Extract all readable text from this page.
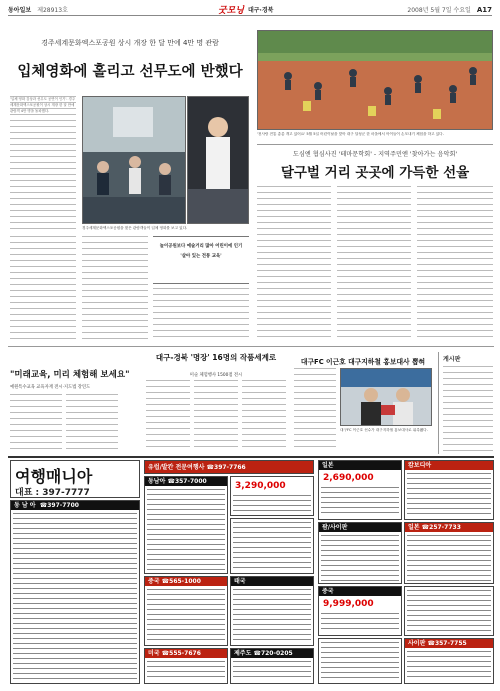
동아일보 제28913호	굿모닝 대구·경북	2008년 5월 7일 수요일 A17
경주세계문화엑스포공원 상시 개장 한 달 만에 4만 명 관람
입체영화에 홀리고 선무도에 반했다
'입체 영화 감상과 선무도 공연이 인기'. 경주세계문화엑스포공원이 상시 개장 한 달 만에 관람객 4만 명을 돌파했다.
경주세계문화엑스포공원을 찾은 관람객들이 입체 영화를 보고 있다.
놀이공원보다 예술거리 많아 어린이에 인기
'살아 있는 전통 교육'
'천사랑 전통 총총 개고 있어요' 5월 5일 어린이날을 맞아 대구 달성군 한 마을에서 아이들이 손모내기 체험을 하고 있다.
도심엔 협심사진 '테마문학회' - 지역주민엔 '찾아가는 음악회'
달구벌 거리 곳곳에 가득한 선율
"미래교육, 미리 체험해 보세요"
예원특수교육 교육자재 전시·지도법 강연도
대구-경북 '명장' 16명의 작품세계로
미술 체험행사 1500점 전시
대구FC 이근호 대구지하철 홍보대사 뽑혀
대구FC 이근호 선수가 대구지하철 홍보대사로 위촉됐다.
게시판
여행매니아
대표 : 397-7777
동 남 아  ☎397-7700
유럽/발칸 전문여행사 ☎397-7766
동남아 ☎357-7000	3,290,000
중국 ☎565-1000	태국
미국 ☎555-7676	제주도 ☎720-0205
일본
2,690,000
캄보디아
괌/사이판	일본 ☎257-7733
중국
9,999,000
사이판 ☎357-7755
